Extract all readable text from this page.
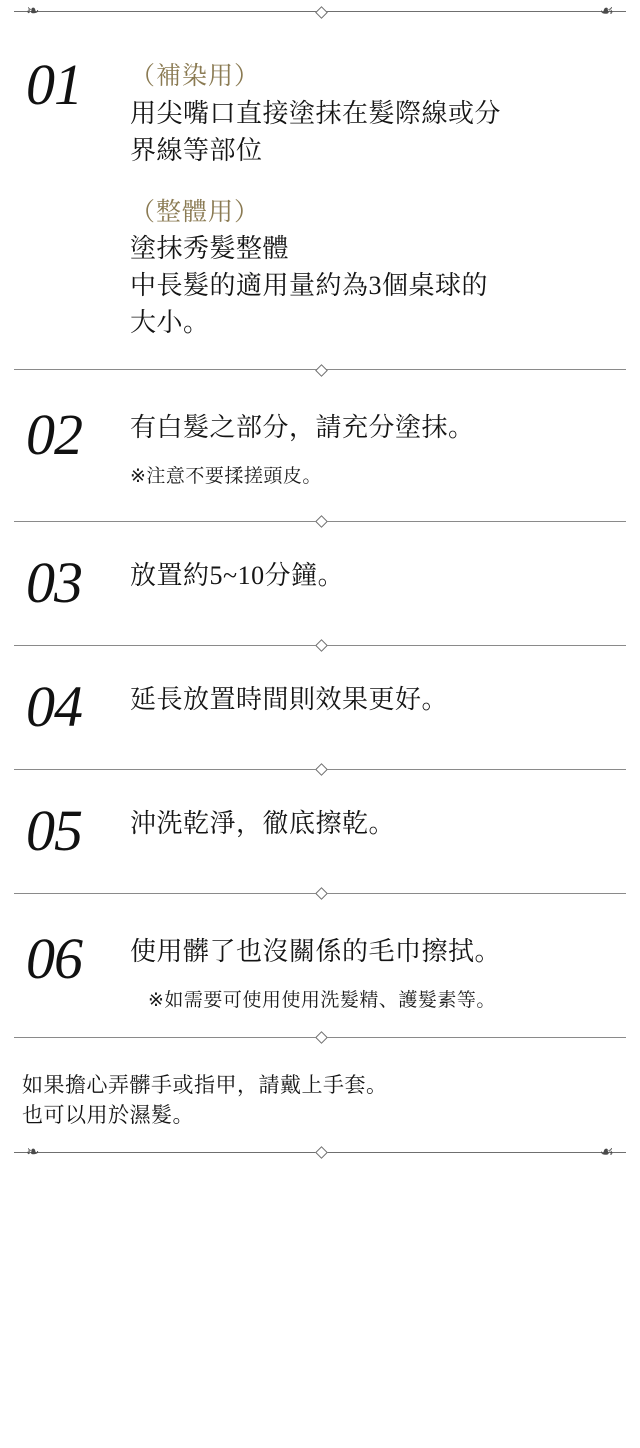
❧	☙
01	（補染用）

用尖嘴口直接塗抹在髮際線或分

界線等部位

（整體用）

塗抹秀髮整體

中長髮的適用量約為3個桌球的

大小。

02	有白髮之部分，請充分塗抹。

※注意不要揉搓頭皮。

03	放置約5~10分鐘。

04	延長放置時間則效果更好。

05	沖洗乾淨，徹底擦乾。

06	使用髒了也沒關係的毛巾擦拭。

※如需要可使用使用洗髮精、護髮素等。

如果擔心弄髒手或指甲，請戴上手套。

也可以用於濕髮。

❧	☙
